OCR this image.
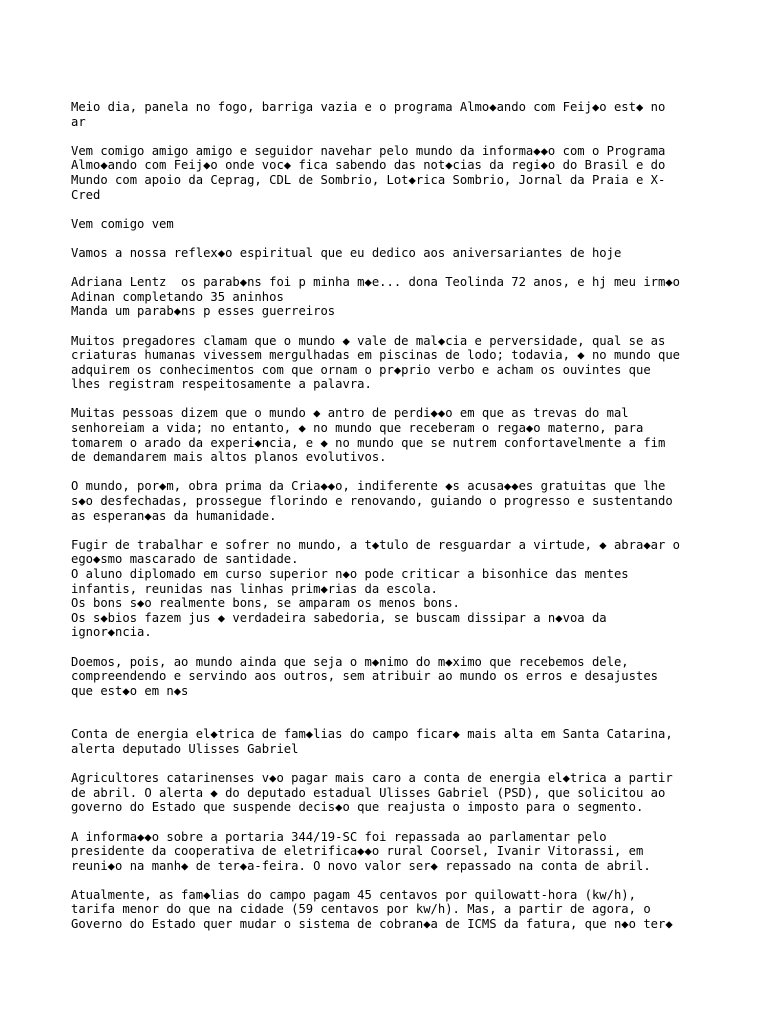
Meio dia, panela no fogo, barriga vazia e o programa Almo◆ando com Feij◆o est◆ no
ar

Vem comigo amigo amigo e seguidor navehar pelo mundo da informa◆◆o com o Programa
Almo◆ando com Feij◆o onde voc◆ fica sabendo das not◆cias da regi◆o do Brasil e do
Mundo com apoio da Ceprag, CDL de Sombrio, Lot◆rica Sombrio, Jornal da Praia e X-
Cred

Vem comigo vem

Vamos a nossa reflex◆o espiritual que eu dedico aos aniversariantes de hoje

Adriana Lentz  os parab◆ns foi p minha m◆e... dona Teolinda 72 anos, e hj meu irm◆o
Adinan completando 35 aninhos
Manda um parab◆ns p esses guerreiros

Muitos pregadores clamam que o mundo ◆ vale de mal◆cia e perversidade, qual se as
criaturas humanas vivessem mergulhadas em piscinas de lodo; todavia, ◆ no mundo que
adquirem os conhecimentos com que ornam o pr◆prio verbo e acham os ouvintes que
lhes registram respeitosamente a palavra.

Muitas pessoas dizem que o mundo ◆ antro de perdi◆◆o em que as trevas do mal
senhoreiam a vida; no entanto, ◆ no mundo que receberam o rega◆o materno, para
tomarem o arado da experi◆ncia, e ◆ no mundo que se nutrem confortavelmente a fim
de demandarem mais altos planos evolutivos.

O mundo, por◆m, obra prima da Cria◆◆o, indiferente ◆s acusa◆◆es gratuitas que lhe
s◆o desfechadas, prossegue florindo e renovando, guiando o progresso e sustentando
as esperan◆as da humanidade.

Fugir de trabalhar e sofrer no mundo, a t◆tulo de resguardar a virtude, ◆ abra◆ar o
ego◆smo mascarado de santidade.
O aluno diplomado em curso superior n◆o pode criticar a bisonhice das mentes
infantis, reunidas nas linhas prim◆rias da escola.
Os bons s◆o realmente bons, se amparam os menos bons.
Os s◆bios fazem jus ◆ verdadeira sabedoria, se buscam dissipar a n◆voa da
ignor◆ncia.

Doemos, pois, ao mundo ainda que seja o m◆nimo do m◆ximo que recebemos dele,
compreendendo e servindo aos outros, sem atribuir ao mundo os erros e desajustes
que est◆o em n◆s

Conta de energia el◆trica de fam◆lias do campo ficar◆ mais alta em Santa Catarina,
alerta deputado Ulisses Gabriel

Agricultores catarinenses v◆o pagar mais caro a conta de energia el◆trica a partir
de abril. O alerta ◆ do deputado estadual Ulisses Gabriel (PSD), que solicitou ao
governo do Estado que suspende decis◆o que reajusta o imposto para o segmento.

A informa◆◆o sobre a portaria 344/19-SC foi repassada ao parlamentar pelo
presidente da cooperativa de eletrifica◆◆o rural Coorsel, Ivanir Vitorassi, em
reuni◆o na manh◆ de ter◆a-feira. O novo valor ser◆ repassado na conta de abril.

Atualmente, as fam◆lias do campo pagam 45 centavos por quilowatt-hora (kw/h),
tarifa menor do que na cidade (59 centavos por kw/h). Mas, a partir de agora, o
Governo do Estado quer mudar o sistema de cobran◆a de ICMS da fatura, que n◆o ter◆
